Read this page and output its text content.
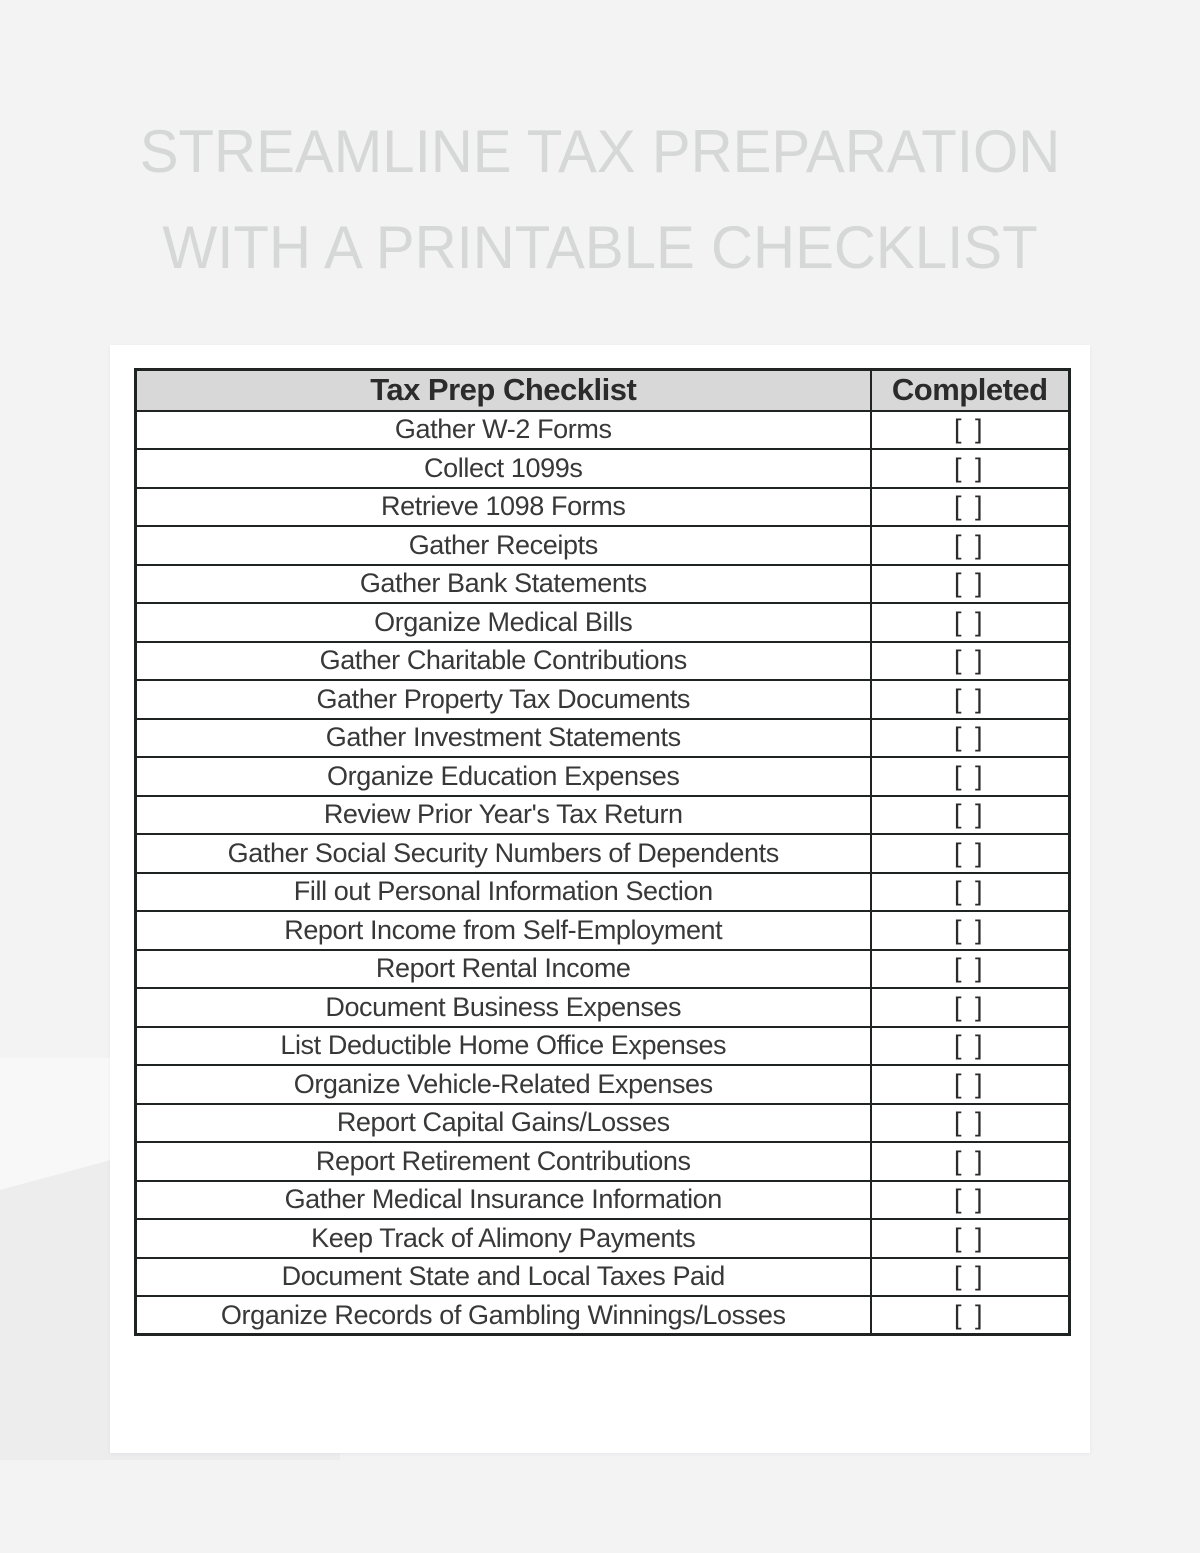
STREAMLINE TAX PREPARATION
WITH A PRINTABLE CHECKLIST
Tax Prep Checklist	Completed
Gather W-2 Forms	[ ]
Collect 1099s	[ ]
Retrieve 1098 Forms	[ ]
Gather Receipts	[ ]
Gather Bank Statements	[ ]
Organize Medical Bills	[ ]
Gather Charitable Contributions	[ ]
Gather Property Tax Documents	[ ]
Gather Investment Statements	[ ]
Organize Education Expenses	[ ]
Review Prior Year's Tax Return	[ ]
Gather Social Security Numbers of Dependents	[ ]
Fill out Personal Information Section	[ ]
Report Income from Self-Employment	[ ]
Report Rental Income	[ ]
Document Business Expenses	[ ]
List Deductible Home Office Expenses	[ ]
Organize Vehicle-Related Expenses	[ ]
Report Capital Gains/Losses	[ ]
Report Retirement Contributions	[ ]
Gather Medical Insurance Information	[ ]
Keep Track of Alimony Payments	[ ]
Document State and Local Taxes Paid	[ ]
Organize Records of Gambling Winnings/Losses	[ ]
